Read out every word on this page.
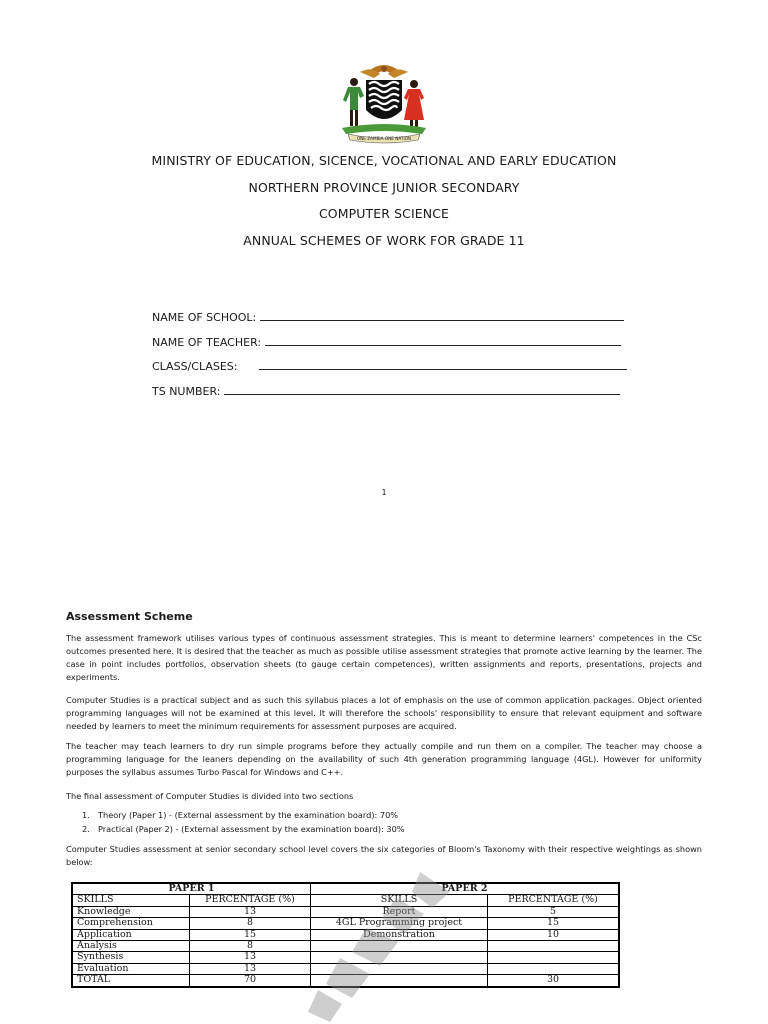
ONE ZAMBIA ONE NATION
MINISTRY OF EDUCATION, SICENCE, VOCATIONAL AND EARLY EDUCATION
NORTHERN PROVINCE JUNIOR SECONDARY
COMPUTER SCIENCE
ANNUAL SCHEMES OF WORK FOR GRADE 11
NAME OF SCHOOL:
NAME OF TEACHER:
CLASS/CLASES:
TS NUMBER:
1
Assessment Scheme
The assessment framework utilises various types of continuous assessment strategies. This is meant to determine learners' competences in the CSc outcomes presented here. It is desired that the teacher as much as possible utilise assessment strategies that promote active learning by the learner. The case in point includes portfolios, observation sheets (to gauge certain competences), written assignments and reports, presentations, projects and experiments.
Computer Studies is a practical subject and as such this syllabus places a lot of emphasis on the use of common application packages. Object oriented programming languages will not be examined at this level. It will therefore the schools' responsibility to ensure that relevant equipment and software needed by learners to meet the minimum requirements for assessment purposes are acquired.
The teacher may teach learners to dry run simple programs before they actually compile and run them on a compiler. The teacher may choose a programming language for the leaners depending on the availability of such 4th generation programming language (4GL). However for uniformity purposes the syllabus assumes Turbo Pascal for Windows and C++.
The final assessment of Computer Studies is divided into two sections
1. Theory (Paper 1) - (External assessment by the examination board): 70%
2. Practical (Paper 2) - (External assessment by the examination board): 30%
Computer Studies assessment at senior secondary school level covers the six categories of Bloom's Taxonomy with their respective weightings as shown below:
PAPER 1		PAPER 2	
SKILLS	PERCENTAGE (%)	SKILLS	PERCENTAGE (%)
Knowledge	13	Report	5
Comprehension	8	4GL Programming project	15
Application	15	Demonstration	10
Analysis	8		
Synthesis	13		
Evaluation	13		
TOTAL	70		30
